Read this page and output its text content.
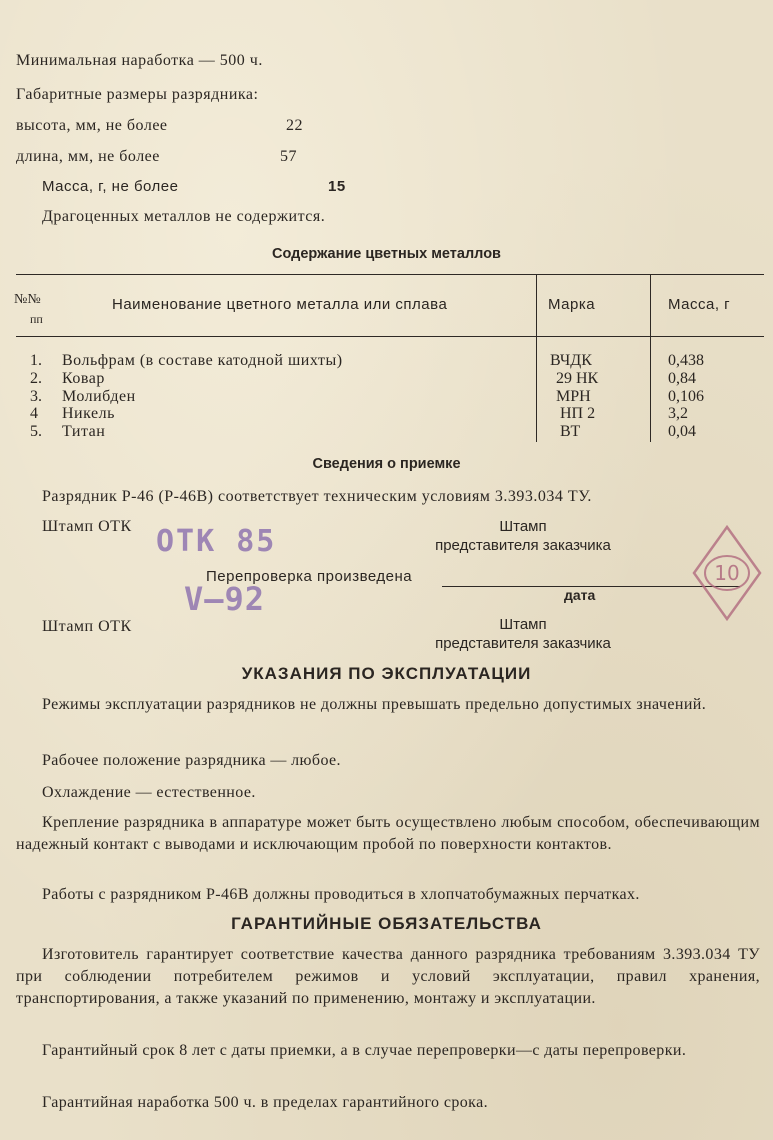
Минимальная наработка — 500 ч.
Габаритные размеры разрядника:
высота, мм, не более	22
длина, мм, не более	57
Масса, г, не более	15
Драгоценных металлов не содержится.
Содержание цветных металлов
№№
пп
Наименование цветного металла или сплава	Марка	Масса, г
1. Вольфрам (в составе катодной шихты)	ВЧДК	0,438
2. Ковар	29 НК	0,84
3. Молибден	МРН	0,106
4 Никель	НП 2	3,2
5. Титан	ВТ	0,04
Сведения о приемке
Разрядник Р-46 (Р-46В) соответствует техническим условиям 3.393.034 ТУ.
Штамп ОТК	Штамп
представителя заказчика
Перепроверка произведена
дата
Штамп ОТК	Штамп
представителя заказчика
ОТК 85
V—92
10
УКАЗАНИЯ ПО ЭКСПЛУАТАЦИИ
Режимы эксплуатации разрядников не должны превышать предельно допустимых значений.
Рабочее положение разрядника — любое.
Охлаждение — естественное.
Крепление разрядника в аппаратуре может быть осуществлено любым способом, обеспечивающим надежный контакт с выводами и исключающим пробой по поверхности контактов.
Работы с разрядником Р-46В должны проводиться в хлопчатобумажных перчатках.
ГАРАНТИЙНЫЕ ОБЯЗАТЕЛЬСТВА
Изготовитель гарантирует соответствие качества данного разрядника требованиям 3.393.034 ТУ при соблюдении потребителем режимов и условий эксплуатации, правил хранения, транспортирования, а также указаний по применению, монтажу и эксплуатации.
Гарантийный срок 8 лет с даты приемки, а в случае перепроверки—с даты перепроверки.
Гарантийная наработка 500 ч. в пределах гарантийного срока.
